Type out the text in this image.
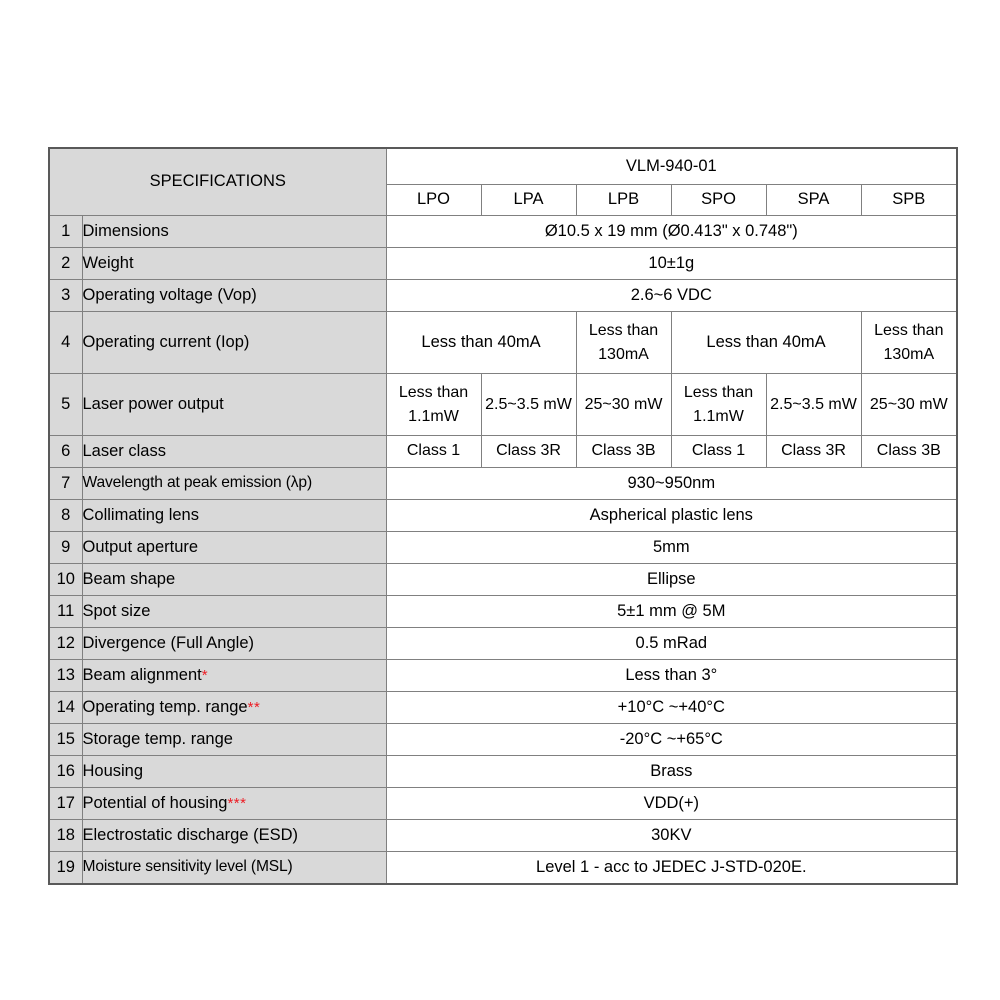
SPECIFICATIONS		VLM-940-01					
		LPO	LPA	LPB	SPO	SPA	SPB
1	Dimensions	Ø10.5 x 19 mm (Ø0.413" x 0.748")					
2	Weight	10±1g					
3	Operating voltage (Vop)	2.6~6 VDC					
4	Operating current (Iop)	Less than 40mA		Less than 130mA	Less than 40mA		Less than 130mA
5	Laser power output	Less than 1.1mW	2.5~3.5 mW	25~30 mW	Less than 1.1mW	2.5~3.5 mW	25~30 mW
6	Laser class	Class 1	Class 3R	Class 3B	Class 1	Class 3R	Class 3B
7	Wavelength at peak emission (λp)	930~950nm					
8	Collimating lens	Aspherical plastic lens					
9	Output aperture	5mm					
10	Beam shape	Ellipse					
11	Spot size	5±1 mm @ 5M					
12	Divergence (Full Angle)	0.5 mRad					
13	Beam alignment*	Less than 3°					
14	Operating temp. range**	+10°C ~+40°C					
15	Storage temp. range	-20°C ~+65°C					
16	Housing	Brass					
17	Potential of housing***	VDD(+)					
18	Electrostatic discharge (ESD)	30KV					
19	Moisture sensitivity level (MSL)	Level 1 - acc to JEDEC J-STD-020E.					
